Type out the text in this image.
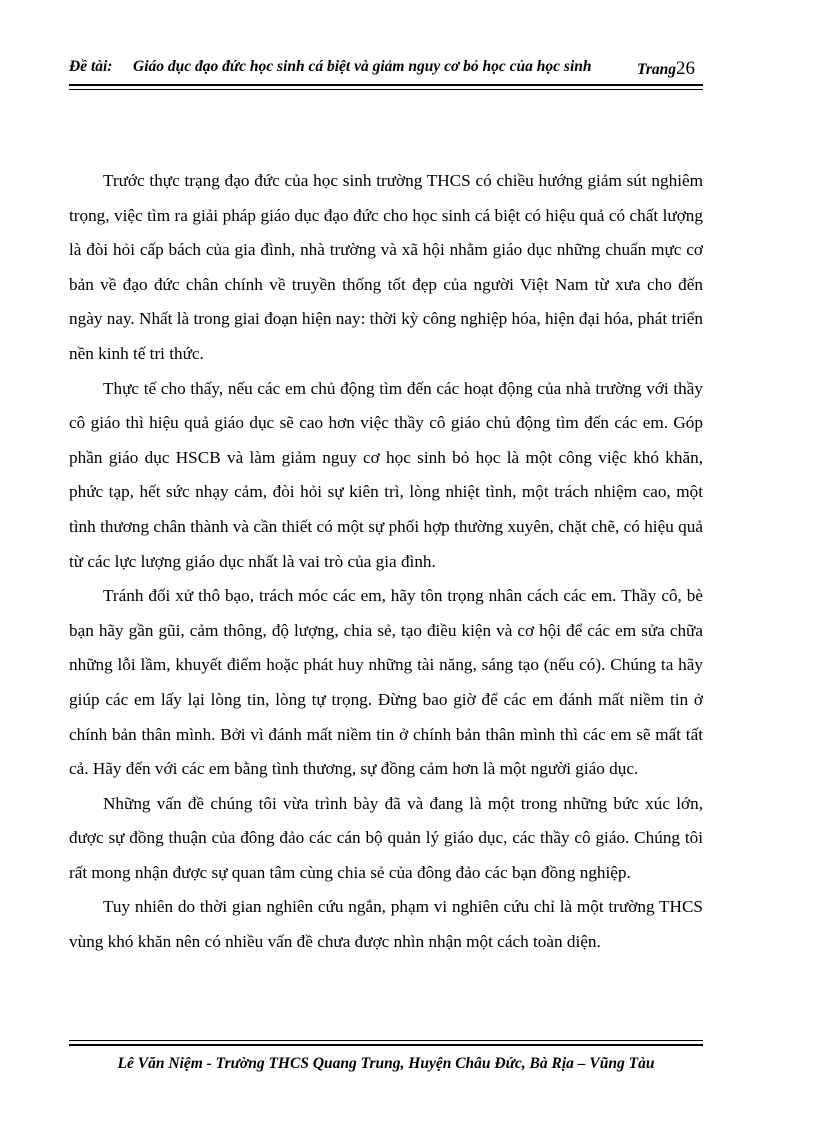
Đề tài: Giáo dục đạo đức học sinh cá biệt và giảm nguy cơ bỏ học của học sinh	Trang26

Trước thực trạng đạo đức của học sinh trường THCS có chiều hướng giảm sút nghiêm trọng, việc tìm ra giải pháp giáo dục đạo đức cho học sinh cá biệt có hiệu quả có chất lượng là đòi hỏi cấp bách của gia đình, nhà trường và xã hội nhằm giáo dục những chuẩn mực cơ bản về đạo đức chân chính về truyền thống tốt đẹp của người Việt Nam từ xưa cho đến ngày nay. Nhất là trong giai đoạn hiện nay: thời kỳ công nghiệp hóa, hiện đại hóa, phát triển nền kinh tế tri thức.

Thực tế cho thấy, nếu các em chủ động tìm đến các hoạt động của nhà trường với thầy cô giáo thì hiệu quả giáo dục sẽ cao hơn việc thầy cô giáo chủ động tìm đến các em. Góp phần giáo dục HSCB và làm giảm nguy cơ học sinh bỏ học là một công việc khó khăn, phức tạp, hết sức nhạy cảm, đòi hỏi sự kiên trì, lòng nhiệt tình, một trách nhiệm cao, một tình thương chân thành và cần thiết có một sự phối hợp thường xuyên, chặt chẽ, có hiệu quả từ các lực lượng giáo dục nhất là vai trò của gia đình.

Tránh đối xử thô bạo, trách móc các em, hãy tôn trọng nhân cách các em. Thầy cô, bè bạn hãy gần gũi, cảm thông, độ lượng, chia sẻ, tạo điều kiện và cơ hội để các em sửa chữa những lỗi lầm, khuyết điểm hoặc phát huy những tài năng, sáng tạo (nếu có). Chúng ta hãy giúp các em lấy lại lòng tin, lòng tự trọng. Đừng bao giờ để các em đánh mất niềm tin ở chính bản thân mình. Bởi vì đánh mất niềm tin ở chính bản thân mình thì các em sẽ mất tất cả. Hãy đến với các em bằng tình thương, sự đồng cảm hơn là một người giáo dục.

Những vấn đề chúng tôi vừa trình bày đã và đang là một trong những bức xúc lớn, được sự đồng thuận của đông đảo các cán bộ quản lý giáo dục, các thầy cô giáo. Chúng tôi rất mong nhận được sự quan tâm cùng chia sẻ của đông đảo các bạn đồng nghiệp.

Tuy nhiên do thời gian nghiên cứu ngắn, phạm vi nghiên cứu chỉ là một trường THCS vùng khó khăn nên có nhiều vấn đề chưa được nhìn nhận một cách toàn diện.

Lê Văn Niệm - Trường THCS Quang Trung, Huyện Châu Đức, Bà Rịa – Vũng Tàu
